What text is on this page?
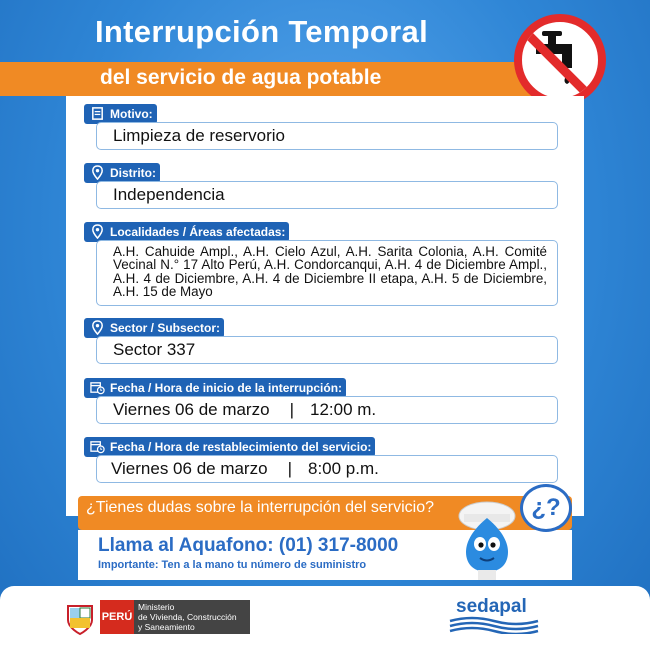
Interrupción Temporal
del servicio de agua potable
Motivo:
Limpieza de reservorio
Distrito:
Independencia
Localidades / Áreas afectadas:
A.H. Cahuide Ampl., A.H. Cielo Azul, A.H. Sarita Colonia, A.H. Comité Vecinal N.° 17 Alto Perú, A.H. Condorcanqui, A.H. 4 de Diciembre Ampl., A.H. 4 de Diciembre, A.H. 4 de Diciembre II etapa, A.H. 5 de Diciembre, A.H. 15 de Mayo
Sector / Subsector:
Sector 337
Fecha / Hora de inicio de la interrupción:
Viernes 06 de marzo | 12:00 m.
Fecha / Hora de restablecimiento del servicio:
Viernes 06 de marzo | 8:00 p.m.
¿Tienes dudas sobre la interrupción del servicio?
Llama al Aquafono: (01) 317-8000
Importante: Ten a la mano tu número de suministro
¿?
PERÚ
Ministerio
de Vivienda, Construcción
y Saneamiento
sedapal
